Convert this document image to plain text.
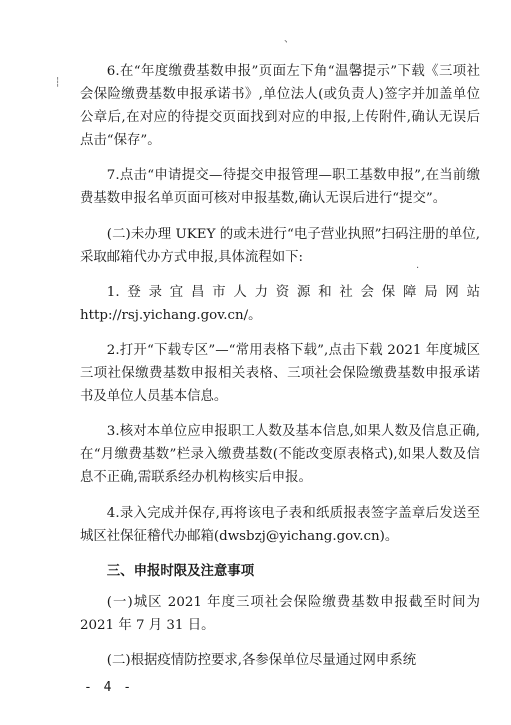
、
┆
·

6.在“年度缴费基数申报”页面左下角“温馨提示”下载《三项社会保险缴费基数申报承诺书》,单位法人(或负责人)签字并加盖单位公章后,在对应的待提交页面找到对应的申报,上传附件,确认无误后点击“保存”。

7.点击“申请提交—待提交申报管理—职工基数申报”,在当前缴费基数申报名单页面可核对申报基数,确认无误后进行“提交”。

(二)未办理 UKEY 的或未进行“电子营业执照”扫码注册的单位,采取邮箱代办方式申报,具体流程如下:

1.登录宜昌市人力资源和社会保障局网站 http://rsj.yichang.gov.cn/。

2.打开“下载专区”—“常用表格下载”,点击下载 2021 年度城区三项社保缴费基数申报相关表格、三项社会保险缴费基数申报承诺书及单位人员基本信息。

3.核对本单位应申报职工人数及基本信息,如果人数及信息正确,在“月缴费基数”栏录入缴费基数(不能改变原表格式),如果人数及信息不正确,需联系经办机构核实后申报。

4.录入完成并保存,再将该电子表和纸质报表签字盖章后发送至城区社保征稽代办邮箱(dwsbzj@yichang.gov.cn)。

三、申报时限及注意事项

(一)城区 2021 年度三项社会保险缴费基数申报截至时间为 2021 年 7 月 31 日。

(二)根据疫情防控要求,各参保单位尽量通过网申系统

- 4 -
